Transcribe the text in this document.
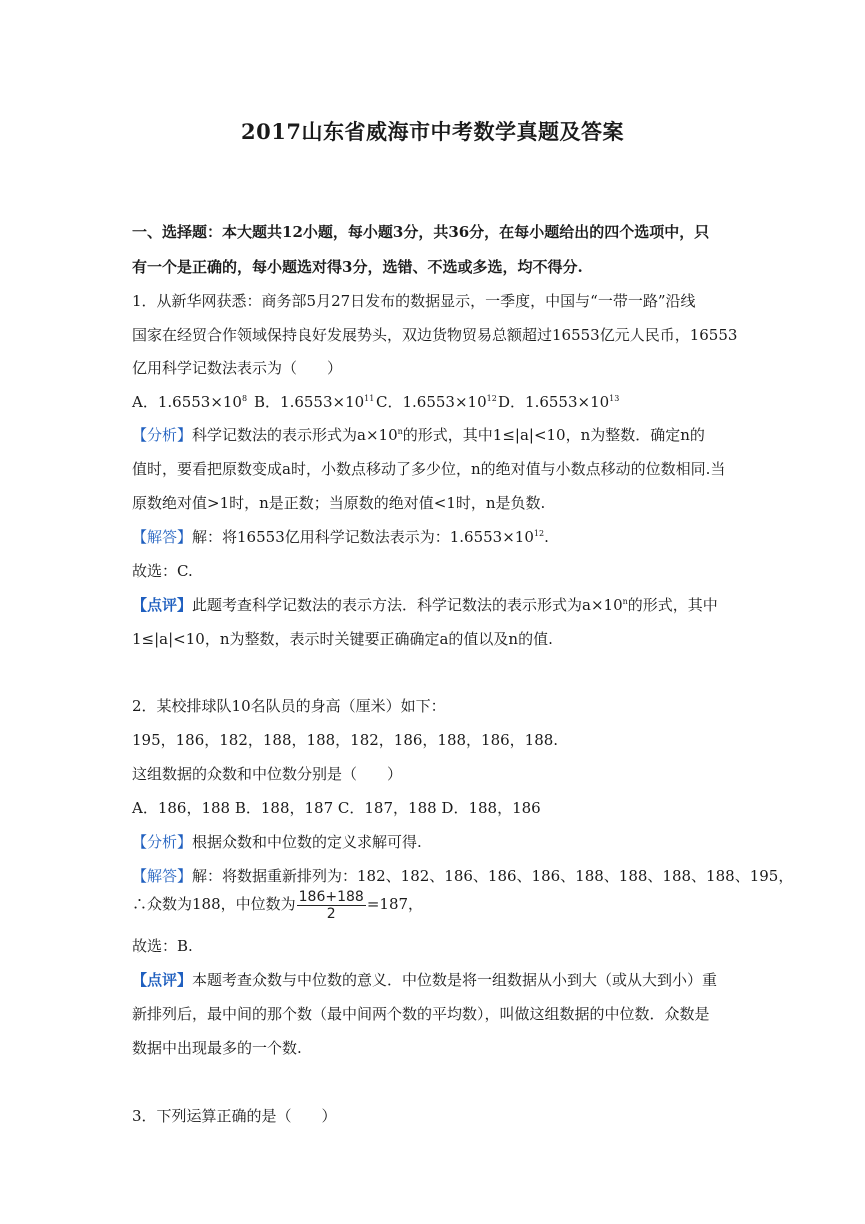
2017山东省威海市中考数学真题及答案
一、选择题：本大题共12小题，每小题3分，共36分，在每小题给出的四个选项中，只
有一个是正确的，每小题选对得3分，选错、不选或多选，均不得分.
1．从新华网获悉：商务部5月27日发布的数据显示，一季度，中国与“一带一路”沿线
国家在经贸合作领域保持良好发展势头，双边货物贸易总额超过16553亿元人民币，16553
亿用科学记数法表示为（　　）
A．$1.6553\times 10^8$ B．$1.6553\times 10^{11}$ C．$1.6553\times 10^{12}$ D．$1.6553\times 10^{13}$
【分析】科学记数法的表示形式为$a\times 10^n$的形式，其中1≤|a|<10，n为整数．确定n的
值时，要看把原数变成a时，小数点移动了多少位，n的绝对值与小数点移动的位数相同.当
原数绝对值>1时，n是正数；当原数的绝对值<1时，n是负数.
【解答】解：将16553亿用科学记数法表示为：$1.6553\times 10^{12}$.
故选：C.
【点评】此题考查科学记数法的表示方法．科学记数法的表示形式为$a\times 10^n$的形式，其中
1≤|a|<10，n为整数，表示时关键要正确确定a的值以及n的值.
2．某校排球队10名队员的身高（厘米）如下：
195，186，182，188，188，182，186，188，186，188.
这组数据的众数和中位数分别是（　　）
A．186，188 B．188，187 C．187，188 D．188，186
【分析】根据众数和中位数的定义求解可得.
【解答】解：将数据重新排列为：182、182、186、186、186、188、188、188、188、195，
∴众数为188，中位数为 $\frac{186+188}{2} =187$，
故选：B.
【点评】本题考查众数与中位数的意义．中位数是将一组数据从小到大（或从大到小）重
新排列后，最中间的那个数（最中间两个数的平均数），叫做这组数据的中位数．众数是
数据中出现最多的一个数.
3．下列运算正确的是（　　）
